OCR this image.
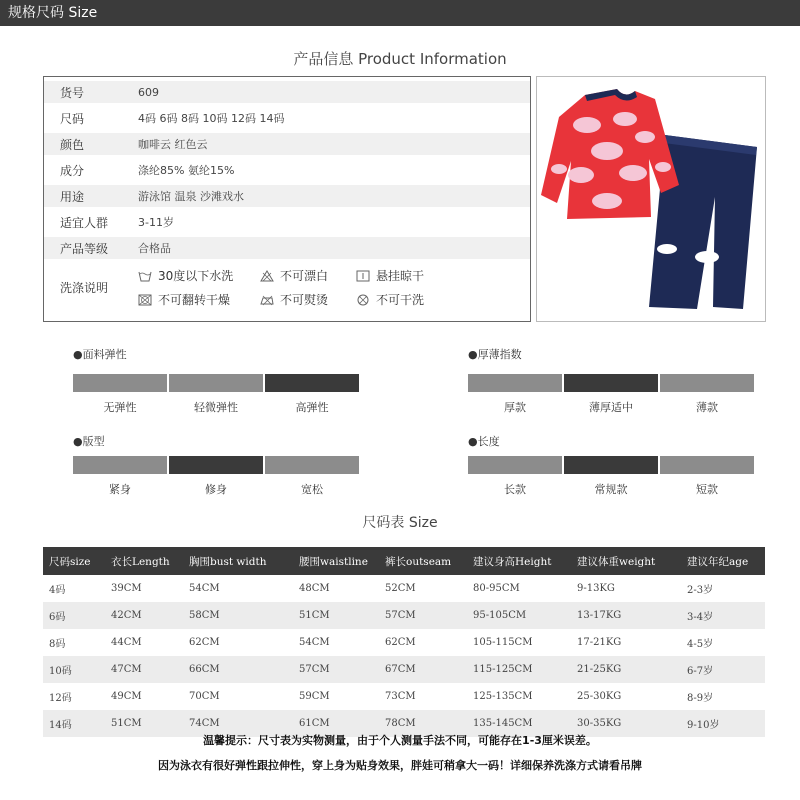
规格尺码 Size
产品信息 Product Information
货号	609
尺码	4码 6码 8码 10码 12码 14码
颜色	咖啡云 红色云
成分	涤纶85% 氨纶15%
用途	游泳馆 温泉 沙滩戏水
适宜人群	3-11岁
产品等级	合格品
洗涤说明
30度以下水洗	不可漂白	悬挂晾干
不可翻转干燥	不可熨烫	不可干洗
●面料弹性
无弹性	轻微弹性	高弹性
●厚薄指数
厚款	薄厚适中	薄款
●版型
紧身	修身	宽松
●长度
长款	常规款	短款
尺码表 Size
尺码size	衣长Length	胸围bust width	腰围waistline	裤长outseam	建议身高Height	建议体重weight	建议年纪age
4码	39CM	54CM	48CM	52CM	80-95CM	9-13KG	2-3岁
6码	42CM	58CM	51CM	57CM	95-105CM	13-17KG	3-4岁
8码	44CM	62CM	54CM	62CM	105-115CM	17-21KG	4-5岁
10码	47CM	66CM	57CM	67CM	115-125CM	21-25KG	6-7岁
12码	49CM	70CM	59CM	73CM	125-135CM	25-30KG	8-9岁
14码	51CM	74CM	61CM	78CM	135-145CM	30-35KG	9-10岁
温馨提示：尺寸表为实物测量，由于个人测量手法不同，可能存在1-3厘米误差。
因为泳衣有很好弹性跟拉伸性，穿上身为贴身效果，胖娃可稍拿大一码！详细保养洗涤方式请看吊牌
